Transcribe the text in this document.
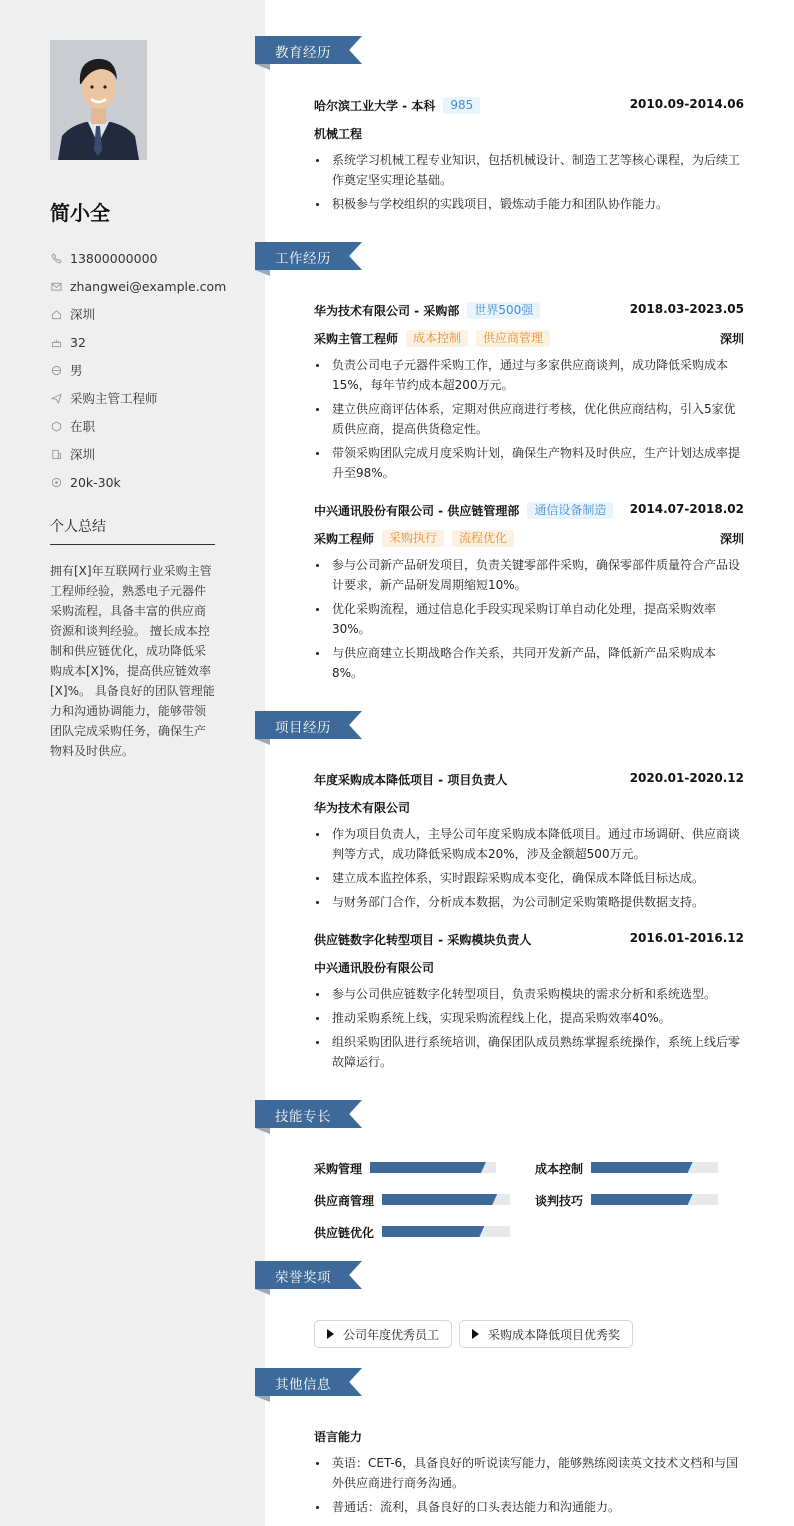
简小全
13800000000
zhangwei@example.com
深圳
32
男
采购主管工程师
在职
深圳
20k-30k
个人总结
拥有[X]年互联网行业采购主管工程师经验，熟悉电子元器件采购流程，具备丰富的供应商资源和谈判经验。 擅长成本控制和供应链优化，成功降低采购成本[X]%，提高供应链效率[X]%。 具备良好的团队管理能力和沟通协调能力，能够带领团队完成采购任务，确保生产物料及时供应。
教育经历
哈尔滨工业大学 - 本科	985	2010.09-2014.06
机械工程
系统学习机械工程专业知识，包括机械设计、制造工艺等核心课程，为后续工作奠定坚实理论基础。
积极参与学校组织的实践项目，锻炼动手能力和团队协作能力。
工作经历
华为技术有限公司 - 采购部	世界500强	2018.03-2023.05
采购主管工程师	成本控制	供应商管理	深圳
负责公司电子元器件采购工作，通过与多家供应商谈判，成功降低采购成本15%，每年节约成本超200万元。
建立供应商评估体系，定期对供应商进行考核，优化供应商结构，引入5家优质供应商，提高供货稳定性。
带领采购团队完成月度采购计划，确保生产物料及时供应，生产计划达成率提升至98%。
中兴通讯股份有限公司 - 供应链管理部	通信设备制造	2014.07-2018.02
采购工程师	采购执行	流程优化	深圳
参与公司新产品研发项目，负责关键零部件采购，确保零部件质量符合产品设计要求，新产品研发周期缩短10%。
优化采购流程，通过信息化手段实现采购订单自动化处理，提高采购效率30%。
与供应商建立长期战略合作关系，共同开发新产品，降低新产品采购成本8%。
项目经历
年度采购成本降低项目 - 项目负责人	2020.01-2020.12
华为技术有限公司
作为项目负责人，主导公司年度采购成本降低项目。通过市场调研、供应商谈判等方式，成功降低采购成本20%，涉及金额超500万元。
建立成本监控体系，实时跟踪采购成本变化，确保成本降低目标达成。
与财务部门合作，分析成本数据，为公司制定采购策略提供数据支持。
供应链数字化转型项目 - 采购模块负责人	2016.01-2016.12
中兴通讯股份有限公司
参与公司供应链数字化转型项目，负责采购模块的需求分析和系统选型。
推动采购系统上线，实现采购流程线上化，提高采购效率40%。
组织采购团队进行系统培训，确保团队成员熟练掌握系统操作，系统上线后零故障运行。
技能专长
采购管理	成本控制
供应商管理	谈判技巧
供应链优化
荣誉奖项
公司年度优秀员工	采购成本降低项目优秀奖
其他信息
语言能力
英语：CET-6，具备良好的听说读写能力，能够熟练阅读英文技术文档和与国外供应商进行商务沟通。
普通话：流利，具备良好的口头表达能力和沟通能力。
